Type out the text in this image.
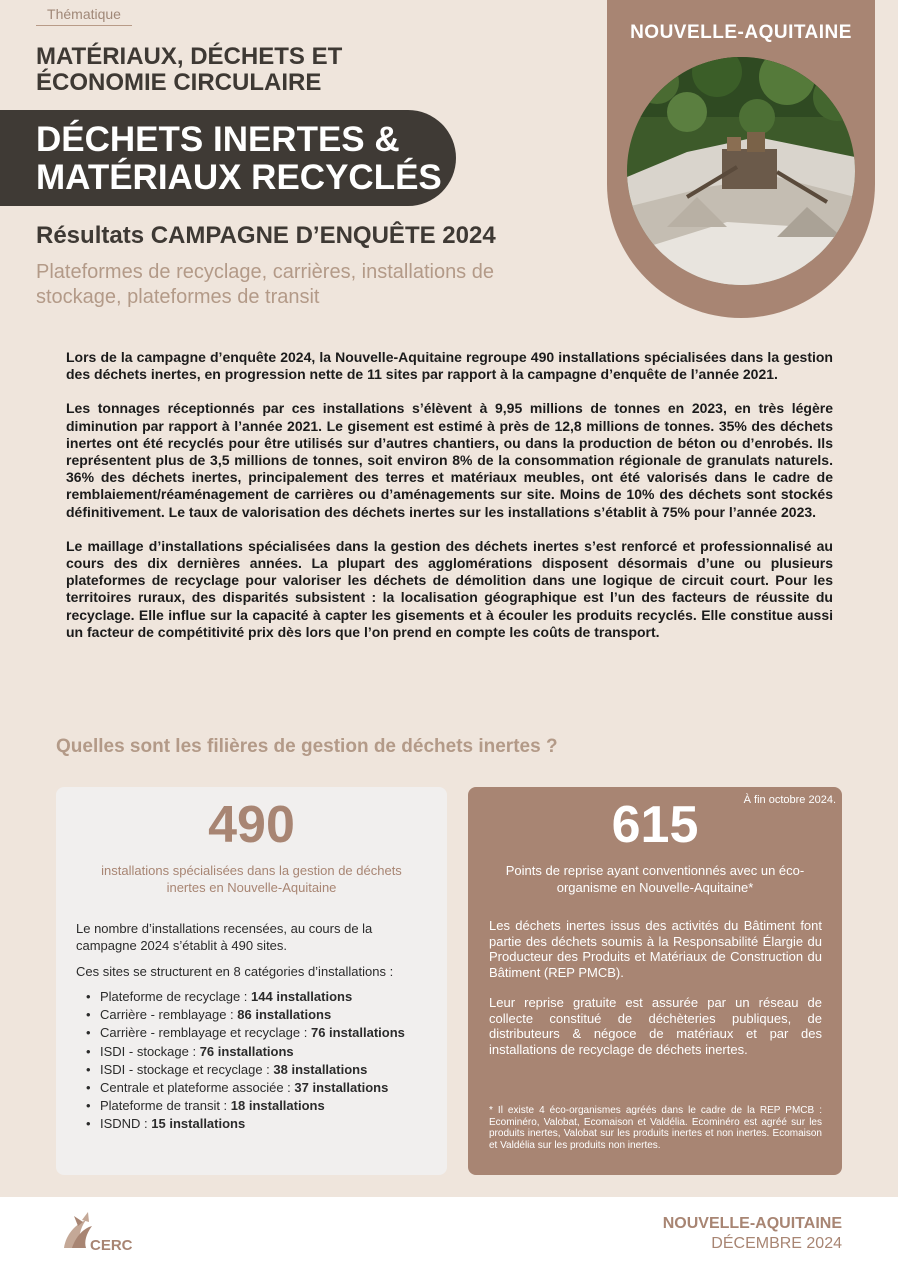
Thématique
MATÉRIAUX, DÉCHETS ET ÉCONOMIE CIRCULAIRE
DÉCHETS INERTES &
MATÉRIAUX RECYCLÉS
Résultats CAMPAGNE D’ENQUÊTE 2024
Plateformes de recyclage, carrières, installations de stockage, plateformes de transit
NOUVELLE-AQUITAINE

Lors de la campagne d’enquête 2024, la Nouvelle-Aquitaine regroupe 490 installations spécialisées dans la gestion des déchets inertes, en progression nette de 11 sites par rapport à la campagne d’enquête de l’année 2021.

Les tonnages réceptionnés par ces installations s’élèvent à 9,95 millions de tonnes en 2023, en très légère diminution par rapport à l’année 2021. Le gisement est estimé à près de 12,8 millions de tonnes. 35% des déchets inertes ont été recyclés pour être utilisés sur d’autres chantiers, ou dans la production de béton ou d’enrobés. Ils représentent plus de 3,5 millions de tonnes, soit environ 8% de la consommation régionale de granulats naturels. 36% des déchets inertes, principalement des terres et matériaux meubles, ont été valorisés dans le cadre de remblaiement/réaménagement de carrières ou d’aménagements sur site. Moins de 10% des déchets sont stockés définitivement. Le taux de valorisation des déchets inertes sur les installations s’établit à 75% pour l’année 2023.

Le maillage d’installations spécialisées dans la gestion des déchets inertes s’est renforcé et professionnalisé au cours des dix dernières années. La plupart des agglomérations disposent désormais d’une ou plusieurs plateformes de recyclage pour valoriser les déchets de démolition dans une logique de circuit court. Pour les territoires ruraux, des disparités subsistent : la localisation géographique est l’un des facteurs de réussite du recyclage. Elle influe sur la capacité à capter les gisements et à écouler les produits recyclés. Elle constitue aussi un facteur de compétitivité prix dès lors que l’on prend en compte les coûts de transport.

Quelles sont les filières de gestion de déchets inertes ?
490
installations spécialisées dans la gestion de déchets inertes en Nouvelle-Aquitaine

Le nombre d’installations recensées, au cours de la campagne 2024 s’établit à 490 sites.

Ces sites se structurent en 8 catégories d’installations :

• Plateforme de recyclage : 144 installations
• Carrière - remblayage : 86 installations
• Carrière - remblayage et recyclage : 76 installations
• ISDI - stockage : 76 installations
• ISDI - stockage et recyclage : 38 installations
• Centrale et plateforme associée : 37 installations
• Plateforme de transit : 18 installations
• ISDND : 15 installations
À fin octobre 2024.
615
Points de reprise ayant conventionnés avec un éco-organisme en Nouvelle-Aquitaine*

Les déchets inertes issus des activités du Bâtiment font partie des déchets soumis à la Responsabilité Élargie du Producteur des Produits et Matériaux de Construction du Bâtiment (REP PMCB).

Leur reprise gratuite est assurée par un réseau de collecte constitué de déchèteries publiques, de distributeurs & négoce de matériaux et par des installations de recyclage de déchets inertes.

* Il existe 4 éco-organismes agréés dans le cadre de la REP PMCB : Ecominéro, Valobat, Ecomaison et Valdélia. Ecominéro est agréé sur les produits inertes, Valobat sur les produits inertes et non inertes. Ecomaison et Valdélia sur les produits non inertes.
CERC
NOUVELLE-AQUITAINE
DÉCEMBRE 2024
